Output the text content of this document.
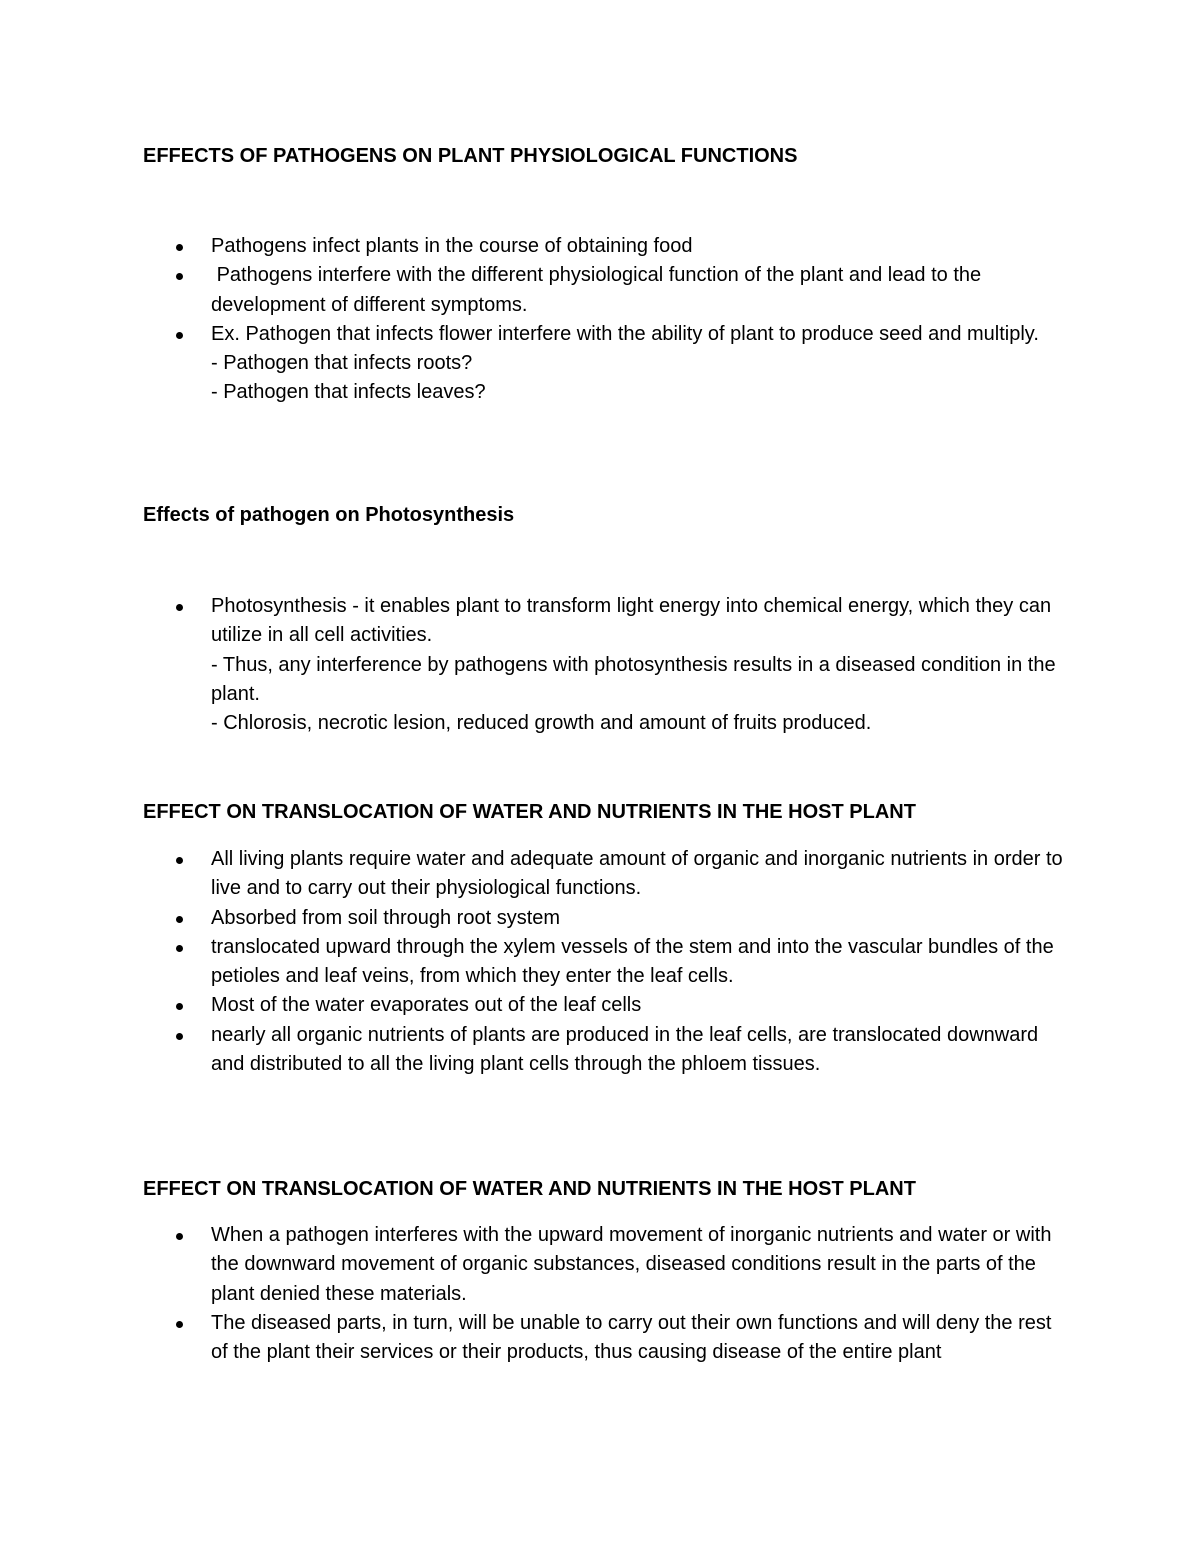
EFFECTS OF PATHOGENS ON PLANT PHYSIOLOGICAL FUNCTIONS
Pathogens infect plants in the course of obtaining food
Pathogens interfere with the different physiological function of the plant and lead to the development of different symptoms.
Ex. Pathogen that infects flower interfere with the ability of plant to produce seed and multiply.
- Pathogen that infects roots?
- Pathogen that infects leaves?
Effects of pathogen on Photosynthesis
Photosynthesis - it enables plant to transform light energy into chemical energy, which they can utilize in all cell activities.
- Thus, any interference by pathogens with photosynthesis results in a diseased condition in the plant.
- Chlorosis, necrotic lesion, reduced growth and amount of fruits produced.
EFFECT ON TRANSLOCATION OF WATER AND NUTRIENTS IN THE HOST PLANT
All living plants require water and adequate amount of organic and inorganic nutrients in order to live and to carry out their physiological functions.
Absorbed from soil through root system
translocated upward through the xylem vessels of the stem and into the vascular bundles of the petioles and leaf veins, from which they enter the leaf cells.
Most of the water evaporates out of the leaf cells
nearly all organic nutrients of plants are produced in the leaf cells, are translocated downward and distributed to all the living plant cells through the phloem tissues.
EFFECT ON TRANSLOCATION OF WATER AND NUTRIENTS IN THE HOST PLANT
When a pathogen interferes with the upward movement of inorganic nutrients and water or with the downward movement of organic substances, diseased conditions result in the parts of the plant denied these materials.
The diseased parts, in turn, will be unable to carry out their own functions and will deny the rest of the plant their services or their products, thus causing disease of the entire plant
